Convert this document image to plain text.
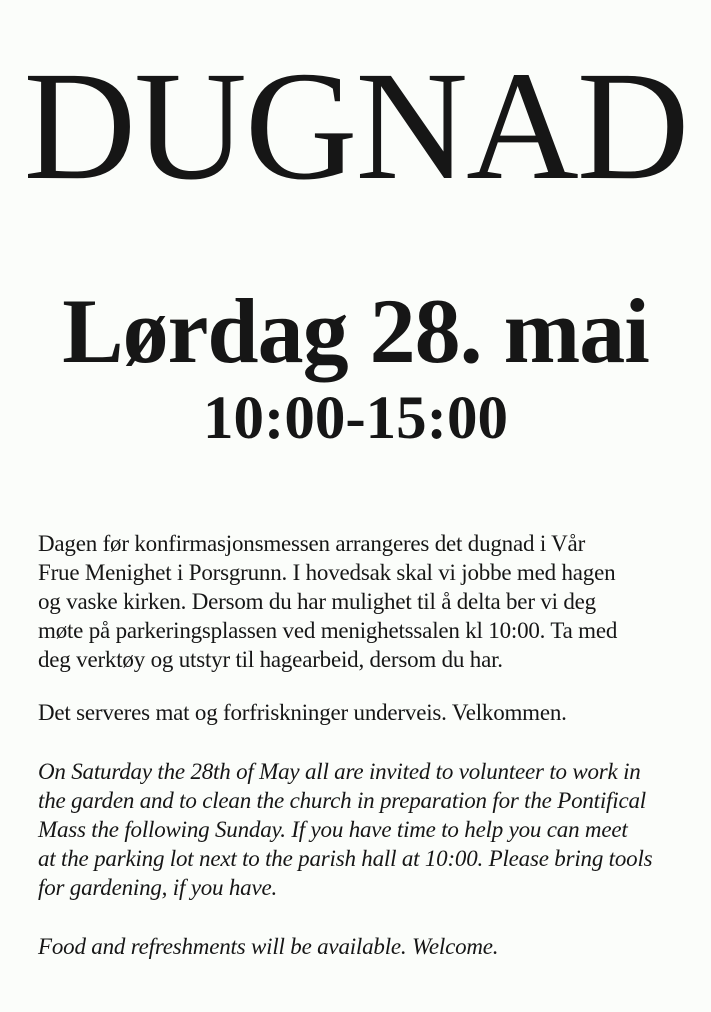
DUGNAD
Lørdag 28. mai
10:00-15:00
Dagen før konfirmasjonsmessen arrangeres det dugnad i Vår
Frue Menighet i Porsgrunn. I hovedsak skal vi jobbe med hagen
og vaske kirken. Dersom du har mulighet til å delta ber vi deg
møte på parkeringsplassen ved menighetssalen kl 10:00. Ta med
deg verktøy og utstyr til hagearbeid, dersom du har.
Det serveres mat og forfriskninger underveis. Velkommen.
On Saturday the 28th of May all are invited to volunteer to work in
the garden and to clean the church in preparation for the Pontifical
Mass the following Sunday. If you have time to help you can meet
at the parking lot next to the parish hall at 10:00. Please bring tools
for gardening, if you have.
Food and refreshments will be available. Welcome.
